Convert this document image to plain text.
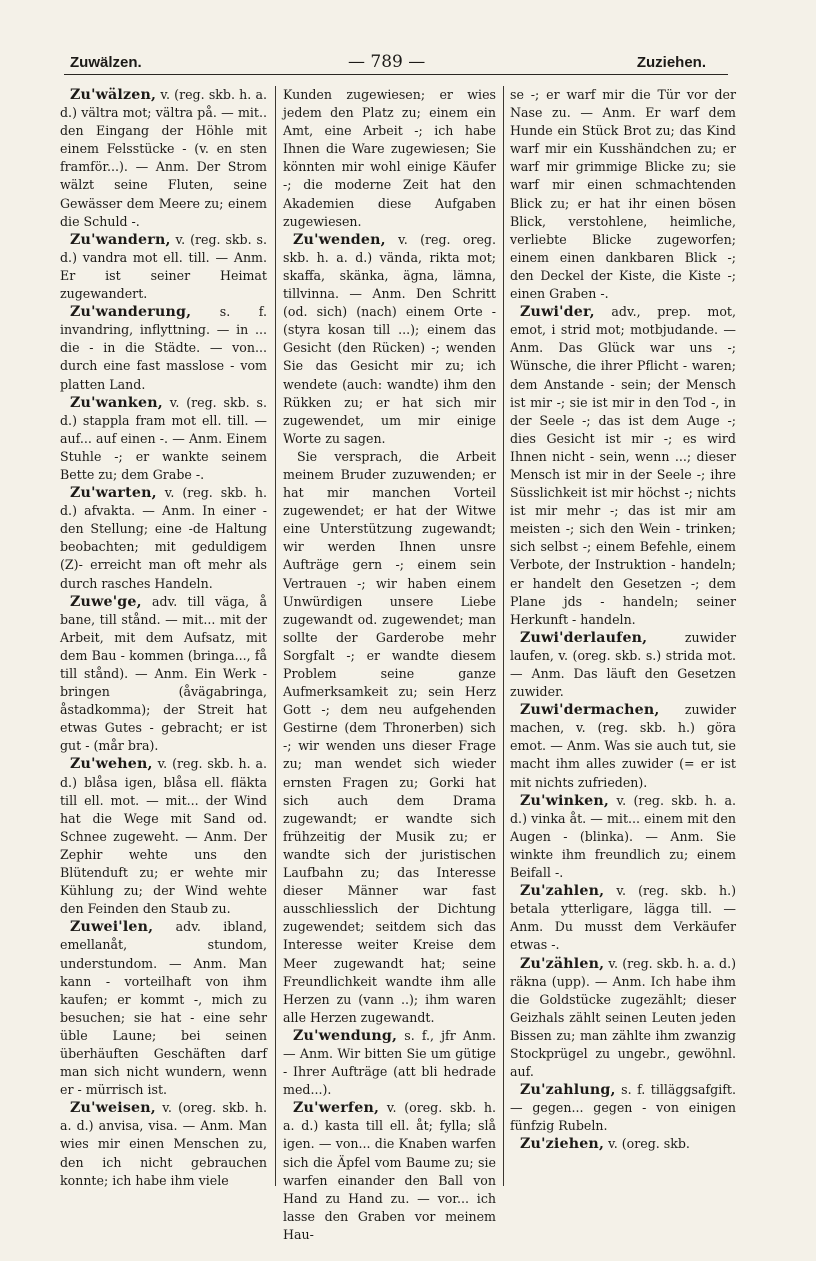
Zuwälzen.	— 789 —	Zuziehen.
Zu'wälzen, v. (reg. skb. h. a. d.) vältra mot; vältra på. — mit.. den Eingang der Höhle mit einem Felsstücke - (v. en sten framför...). — Anm. Der Strom wälzt seine Fluten, seine Gewässer dem Meere zu; einem die Schuld -.
Zu'wandern, v. (reg. skb. s. d.) vandra mot ell. till. — Anm. Er ist seiner Heimat zugewandert.
Zu'wanderung, s. f. invandring, inflyttning. — in ... die - in die Städte. — von... durch eine fast masslose - vom platten Land.
Zu'wanken, v. (reg. skb. s. d.) stappla fram mot ell. till. — auf... auf einen -. — Anm. Einem Stuhle -; er wankte seinem Bette zu; dem Grabe -.
Zu'warten, v. (reg. skb. h. d.) afvakta. — Anm. In einer -den Stellung; eine -de Haltung beobachten; mit geduldigem (Z)- erreicht man oft mehr als durch rasches Handeln.
Zuwe'ge, adv. till väga, å bane, till stånd. — mit... mit der Arbeit, mit dem Aufsatz, mit dem Bau - kommen (bringa..., få till stånd). — Anm. Ein Werk - bringen (åvägabringa, åstadkomma); der Streit hat etwas Gutes - gebracht; er ist gut - (mår bra).
Zu'wehen, v. (reg. skb. h. a. d.) blåsa igen, blåsa ell. fläkta till ell. mot. — mit... der Wind hat die Wege mit Sand od. Schnee zugeweht. — Anm. Der Zephir wehte uns den Blütenduft zu; er wehte mir Kühlung zu; der Wind wehte den Feinden den Staub zu.
Zuwei'len, adv. ibland, emellanåt, stundom, understundom. — Anm. Man kann - vorteilhaft von ihm kaufen; er kommt -, mich zu besuchen; sie hat - eine sehr üble Laune; bei seinen überhäuften Geschäften darf man sich nicht wundern, wenn er - mürrisch ist.
Zu'weisen, v. (oreg. skb. h. a. d.) anvisa, visa. — Anm. Man wies mir einen Menschen zu, den ich nicht gebrauchen konnte; ich habe ihm viele
Kunden zugewiesen; er wies jedem den Platz zu; einem ein Amt, eine Arbeit -; ich habe Ihnen die Ware zugewiesen; Sie könnten mir wohl einige Käufer -; die moderne Zeit hat den Akademien diese Aufgaben zugewiesen.
Zu'wenden, v. (reg. oreg. skb. h. a. d.) vända, rikta mot; skaffa, skänka, ägna, lämna, tillvinna. — Anm. Den Schritt (od. sich) (nach) einem Orte - (styra kosan till ...); einem das Gesicht (den Rücken) -; wenden Sie das Gesicht mir zu; ich wendete (auch: wandte) ihm den Rükken zu; er hat sich mir zugewendet, um mir einige Worte zu sagen.
Sie versprach, die Arbeit meinem Bruder zuzuwenden; er hat mir manchen Vorteil zugewendet; er hat der Witwe eine Unterstützung zugewandt; wir werden Ihnen unsre Aufträge gern -; einem sein Vertrauen -; wir haben einem Unwürdigen unsere Liebe zugewandt od. zugewendet; man sollte der Garderobe mehr Sorgfalt -; er wandte diesem Problem seine ganze Aufmerksamkeit zu; sein Herz Gott -; dem neu aufgehenden Gestirne (dem Thronerben) sich -; wir wenden uns dieser Frage zu; man wendet sich wieder ernsten Fragen zu; Gorki hat sich auch dem Drama zugewandt; er wandte sich frühzeitig der Musik zu; er wandte sich der juristischen Laufbahn zu; das Interesse dieser Männer war fast ausschliesslich der Dichtung zugewendet; seitdem sich das Interesse weiter Kreise dem Meer zugewandt hat; seine Freundlichkeit wandte ihm alle Herzen zu (vann ..); ihm waren alle Herzen zugewandt.
Zu'wendung, s. f., jfr Anm. — Anm. Wir bitten Sie um gütige - Ihrer Aufträge (att bli hedrade med...).
Zu'werfen, v. (oreg. skb. h. a. d.) kasta till ell. åt; fylla; slå igen. — von... die Knaben warfen sich die Äpfel vom Baume zu; sie warfen einander den Ball von Hand zu Hand zu. — vor... ich lasse den Graben vor meinem Hau-
se -; er warf mir die Tür vor der Nase zu. — Anm. Er warf dem Hunde ein Stück Brot zu; das Kind warf mir ein Kusshändchen zu; er warf mir grimmige Blicke zu; sie warf mir einen schmachtenden Blick zu; er hat ihr einen bösen Blick, verstohlene, heimliche, verliebte Blicke zugeworfen; einem einen dankbaren Blick -; den Deckel der Kiste, die Kiste -; einen Graben -.
Zuwi'der, adv., prep. mot, emot, i strid mot; motbjudande. — Anm. Das Glück war uns -; Wünsche, die ihrer Pflicht - waren; dem Anstande - sein; der Mensch ist mir -; sie ist mir in den Tod -, in der Seele -; das ist dem Auge -; dies Gesicht ist mir -; es wird Ihnen nicht - sein, wenn ...; dieser Mensch ist mir in der Seele -; ihre Süsslichkeit ist mir höchst -; nichts ist mir mehr -; das ist mir am meisten -; sich den Wein - trinken; sich selbst -; einem Befehle, einem Verbote, der Instruktion - handeln; er handelt den Gesetzen -; dem Plane jds - handeln; seiner Herkunft - handeln.
Zuwi'derlaufen,	zuwider laufen, v. (oreg. skb. s.) strida mot. — Anm. Das läuft den Gesetzen zuwider.
Zuwi'dermachen, zuwider machen, v. (reg. skb. h.) göra emot. — Anm. Was sie auch tut, sie macht ihm alles zuwider (= er ist mit nichts zufrieden).
Zu'winken, v. (reg. skb. h. a. d.) vinka åt. — mit... einem mit den Augen - (blinka). — Anm. Sie winkte ihm freundlich zu; einem Beifall -.
Zu'zahlen, v. (reg. skb. h.) betala ytterligare, lägga till. — Anm. Du musst dem Verkäufer etwas -.
Zu'zählen, v. (reg. skb. h. a. d.) räkna (upp). — Anm. Ich habe ihm die Goldstücke zugezählt; dieser Geizhals zählt seinen Leuten jeden Bissen zu; man zählte ihm zwanzig Stockprügel zu ungebr., gewöhnl. auf.
Zu'zahlung, s. f. tilläggsafgift. — gegen... gegen - von einigen fünfzig Rubeln.
Zu'ziehen, v. (oreg. skb.
